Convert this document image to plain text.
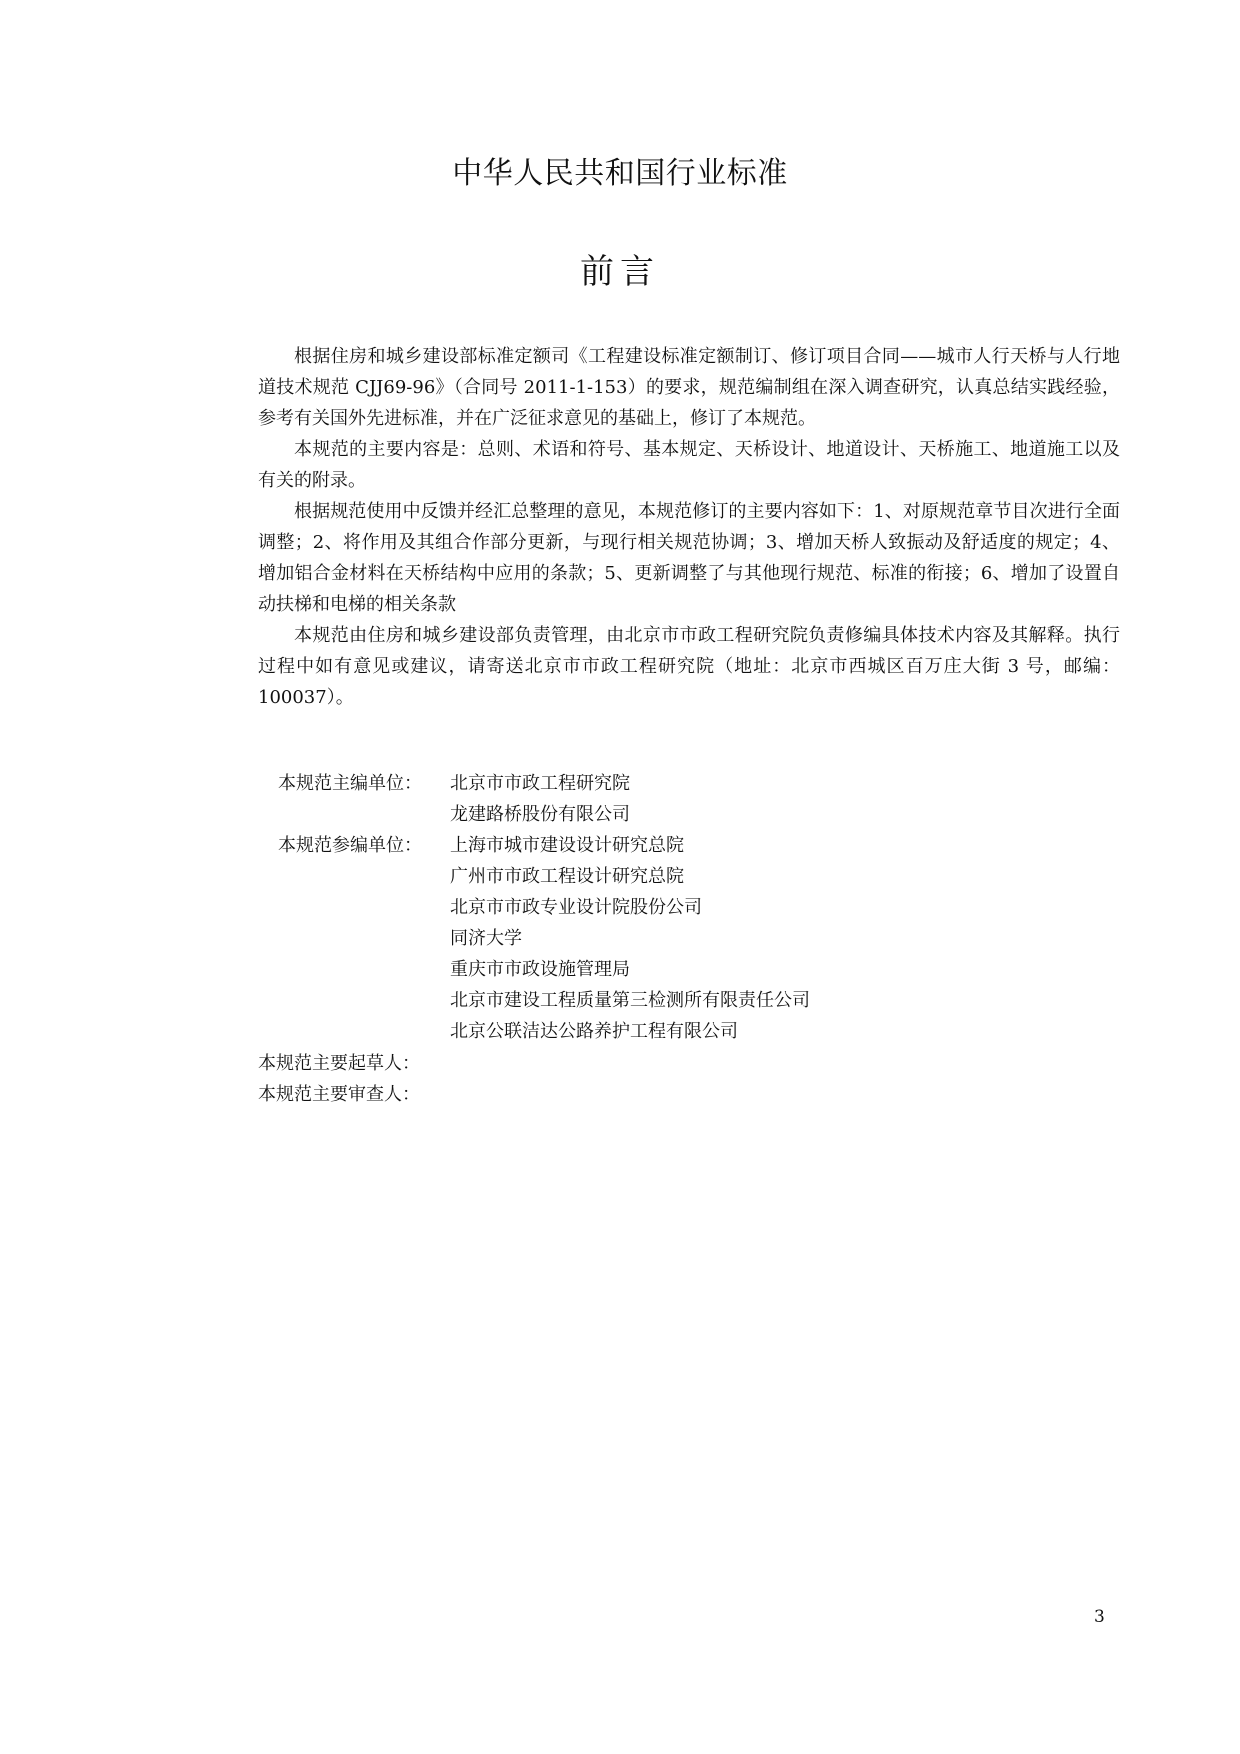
中华人民共和国行业标准
前言

根据住房和城乡建设部标准定额司《工程建设标准定额制订、修订项目合同——城市人行天桥与人行地道技术规范 CJJ69-96》（合同号 2011-1-153）的要求，规范编制组在深入调查研究，认真总结实践经验，参考有关国外先进标准，并在广泛征求意见的基础上，修订了本规范。

本规范的主要内容是：总则、术语和符号、基本规定、天桥设计、地道设计、天桥施工、地道施工以及有关的附录。

根据规范使用中反馈并经汇总整理的意见，本规范修订的主要内容如下：1、对原规范章节目次进行全面调整；2、将作用及其组合作部分更新，与现行相关规范协调；3、增加天桥人致振动及舒适度的规定；4、增加铝合金材料在天桥结构中应用的条款；5、更新调整了与其他现行规范、标准的衔接；6、增加了设置自动扶梯和电梯的相关条款

本规范由住房和城乡建设部负责管理，由北京市市政工程研究院负责修编具体技术内容及其解释。执行过程中如有意见或建议，请寄送北京市市政工程研究院（地址：北京市西城区百万庄大街 3 号，邮编：100037）。

本规范主编单位：	北京市市政工程研究院
龙建路桥股份有限公司
本规范参编单位：	上海市城市建设设计研究总院
广州市市政工程设计研究总院
北京市市政专业设计院股份公司
同济大学
重庆市市政设施管理局
北京市建设工程质量第三检测所有限责任公司
北京公联洁达公路养护工程有限公司
本规范主要起草人：
本规范主要审查人：
3
